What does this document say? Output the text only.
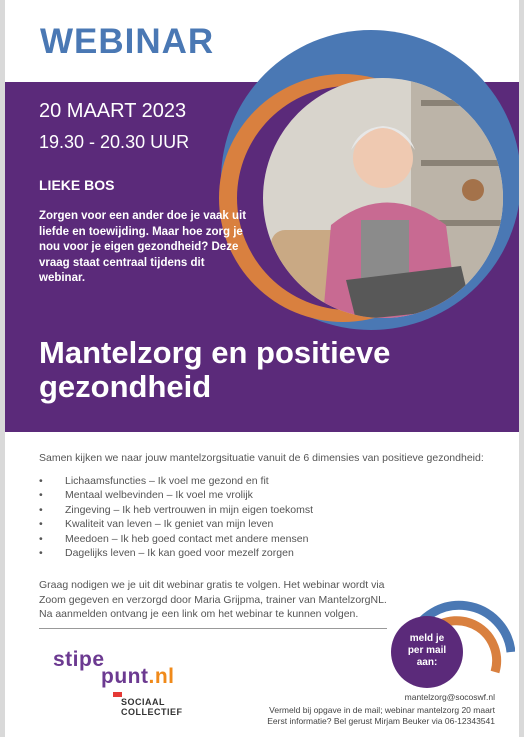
WEBINAR

20 MAART 2023

19.30 - 20.30 UUR

LIEKE BOS

Zorgen voor een ander doe je vaak uit liefde en toewijding. Maar hoe zorg je nou voor je eigen gezondheid? Deze vraag staat centraal tijdens dit webinar.

Mantelzorg en positieve gezondheid

Samen kijken we naar jouw mantelzorgsituatie vanuit de 6 dimensies van positieve gezondheid:

• Lichaamsfuncties – Ik voel me gezond en fit
• Mentaal welbevinden – Ik voel me vrolijk
• Zingeving – Ik heb vertrouwen in mijn eigen toekomst
• Kwaliteit van leven – Ik geniet van mijn leven
• Meedoen – Ik heb goed contact met andere mensen
• Dagelijks leven – Ik kan goed voor mezelf zorgen

Graag nodigen we je uit dit webinar gratis te volgen. Het webinar wordt via Zoom gegeven en verzorgd door Maria Grijpma, trainer van MantelzorgNL. Na aanmelden ontvang je een link om het webinar te kunnen volgen.

stipe
punt.nl
SOCIAAL
COLLECTIEF

meld je
per mail
aan:

mantelzorg@socoswf.nl

Vermeld bij opgave in de mail; webinar mantelzorg 20 maart

Eerst informatie? Bel gerust Mirjam Beuker via 06-12343541
